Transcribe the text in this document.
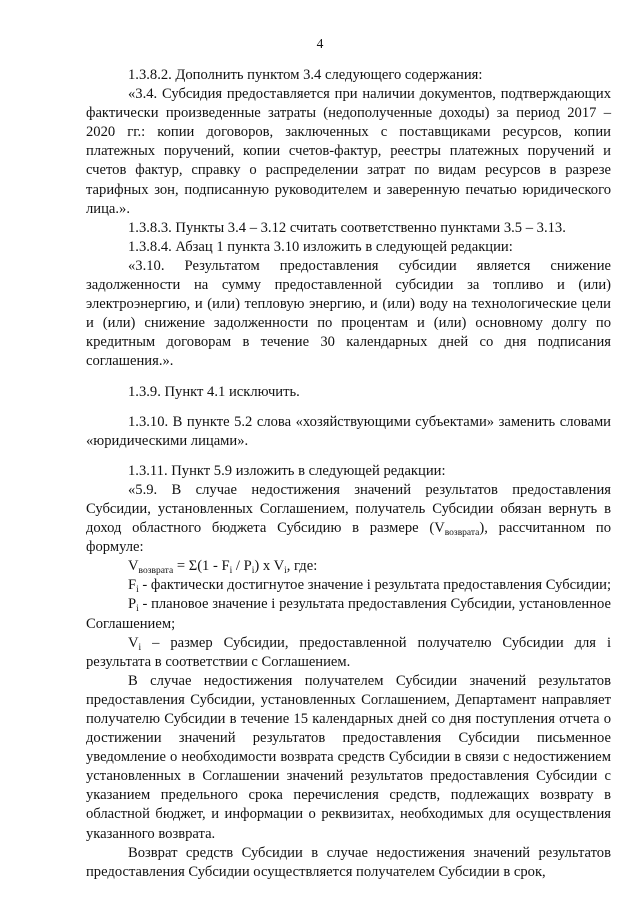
4

1.3.8.2. Дополнить пунктом 3.4 следующего содержания:

«3.4. Субсидия предоставляется при наличии документов, подтверждающих фактически произведенные затраты (недополученные доходы) за период 2017 – 2020 гг.: копии договоров, заключенных с поставщиками ресурсов, копии платежных поручений, копии счетов-фактур, реестры платежных поручений и счетов фактур, справку о распределении затрат по видам ресурсов в разрезе тарифных зон, подписанную руководителем и заверенную печатью юридического лица.».

1.3.8.3. Пункты 3.4 – 3.12 считать соответственно пунктами 3.5 – 3.13.

1.3.8.4. Абзац 1 пункта 3.10 изложить в следующей редакции:

«3.10. Результатом предоставления субсидии является снижение задолженности на сумму предоставленной субсидии за топливо и (или) электроэнергию, и (или) тепловую энергию, и (или) воду на технологические цели и (или) снижение задолженности по процентам и (или) основному долгу по кредитным договорам в течение 30 календарных дней со дня подписания соглашения.».

1.3.9. Пункт 4.1 исключить.

1.3.10. В пункте 5.2 слова «хозяйствующими субъектами» заменить словами «юридическими лицами».

1.3.11. Пункт 5.9 изложить в следующей редакции:

«5.9. В случае недостижения значений результатов предоставления Субсидии, установленных Соглашением, получатель Субсидии обязан вернуть в доход областного бюджета Субсидию в размере $(V_{возврата})$, рассчитанном по формуле:

$V_{возврата} = \Sigma(1 - F_i / P_i)$ x $V_i$, где:

$F_i$ - фактически достигнутое значение i результата предоставления Субсидии;

$P_i$ - плановое значение i результата предоставления Субсидии, установленное Соглашением;

$V_i$ – размер Субсидии, предоставленной получателю Субсидии для i результата в соответствии с Соглашением.

В случае недостижения получателем Субсидии значений результатов предоставления Субсидии, установленных Соглашением, Департамент направляет получателю Субсидии в течение 15 календарных дней со дня поступления отчета о достижении значений результатов предоставления Субсидии письменное уведомление о необходимости возврата средств Субсидии в связи с недостижением установленных в Соглашении значений результатов предоставления Субсидии с указанием предельного срока перечисления средств, подлежащих возврату в областной бюджет, и информации о реквизитах, необходимых для осуществления указанного возврата.

Возврат средств Субсидии в случае недостижения значений результатов предоставления Субсидии осуществляется получателем Субсидии в срок,
